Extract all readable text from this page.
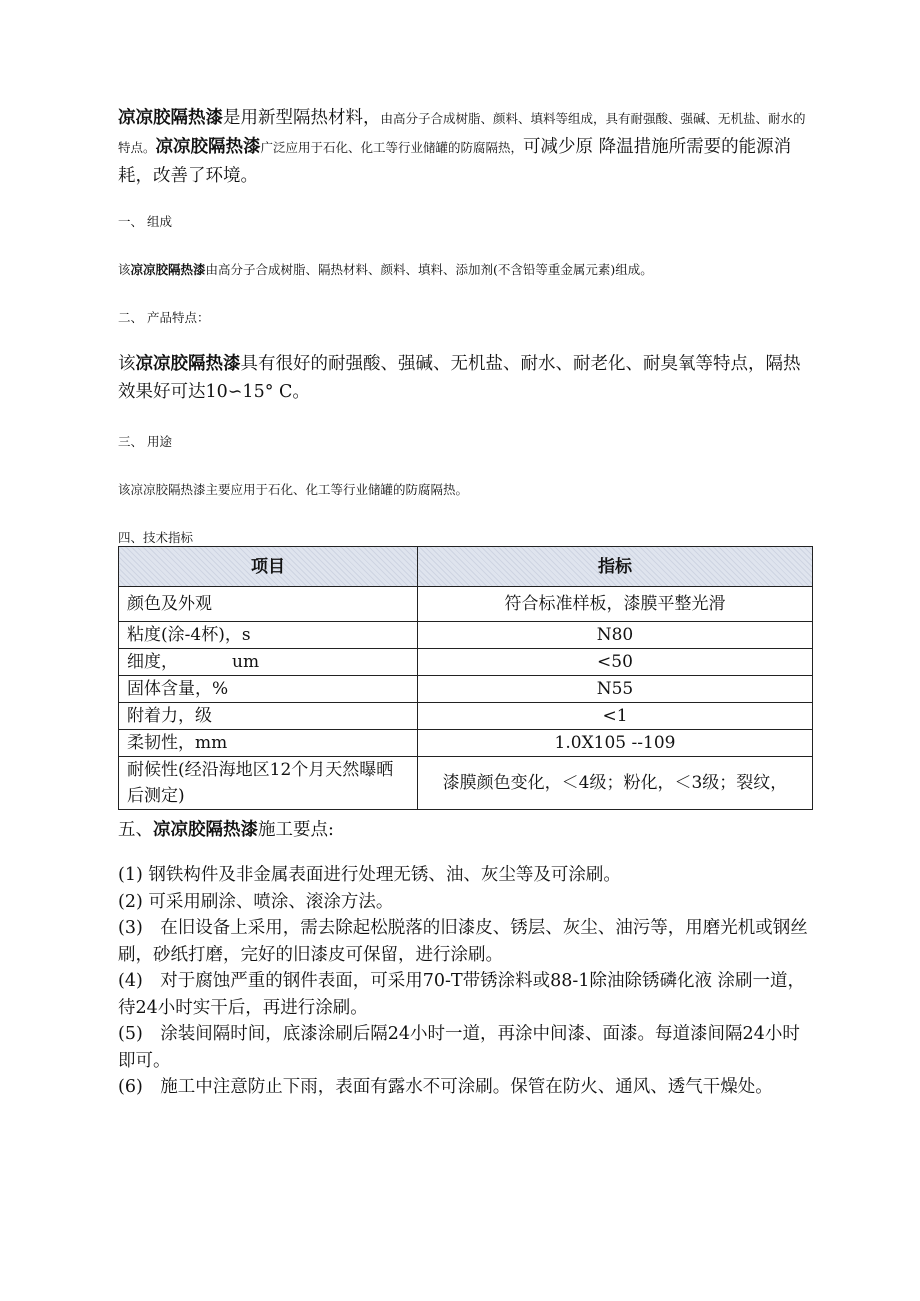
凉凉胶隔热漆是用新型隔热材料，由高分子合成树脂、颜料、填料等组成，具有耐强酸、强碱、无机盐、耐水的特点。凉凉胶隔热漆广泛应用于石化、化工等行业储罐的防腐隔热，可减少原 降温措施所需要的能源消耗，改善了环境。
一、 组成
该凉凉胶隔热漆由高分子合成树脂、隔热材料、颜料、填料、添加剂(不含铅等重金属元素)组成。
二、 产品特点：
该凉凉胶隔热漆具有很好的耐强酸、强碱、无机盐、耐水、耐老化、耐臭氧等特点，隔热效果好可达10∽15° C。
三、 用途
该凉凉胶隔热漆主要应用于石化、化工等行业储罐的防腐隔热。
四、技术指标
项目	指标
颜色及外观	符合标准样板，漆膜平整光滑
粘度(涂-4杯)，s	N80
细度，          um	<50
固体含量，%	N55
附着力，级	<1
柔韧性，mm	1.0X105 --109
耐候性(经沿海地区12个月天然曝晒后测定)	漆膜颜色变化，＜4级；粉化，＜3级；裂纹，
五、凉凉胶隔热漆施工要点:
(1) 钢铁构件及非金属表面进行处理无锈、油、灰尘等及可涂刷。
(2) 可采用刷涂、喷涂、滚涂方法。
(3)　在旧设备上采用，需去除起松脱落的旧漆皮、锈层、灰尘、油污等，用磨光机或钢丝刷，砂纸打磨，完好的旧漆皮可保留，进行涂刷。
(4)　对于腐蚀严重的钢件表面，可采用70-T带锈涂料或88-1除油除锈磷化液 涂刷一道，待24小时实干后，再进行涂刷。
(5)　涂装间隔时间，底漆涂刷后隔24小时一道，再涂中间漆、面漆。每道漆间隔24小时即可。
(6)　施工中注意防止下雨，表面有露水不可涂刷。保管在防火、通风、透气干燥处。
